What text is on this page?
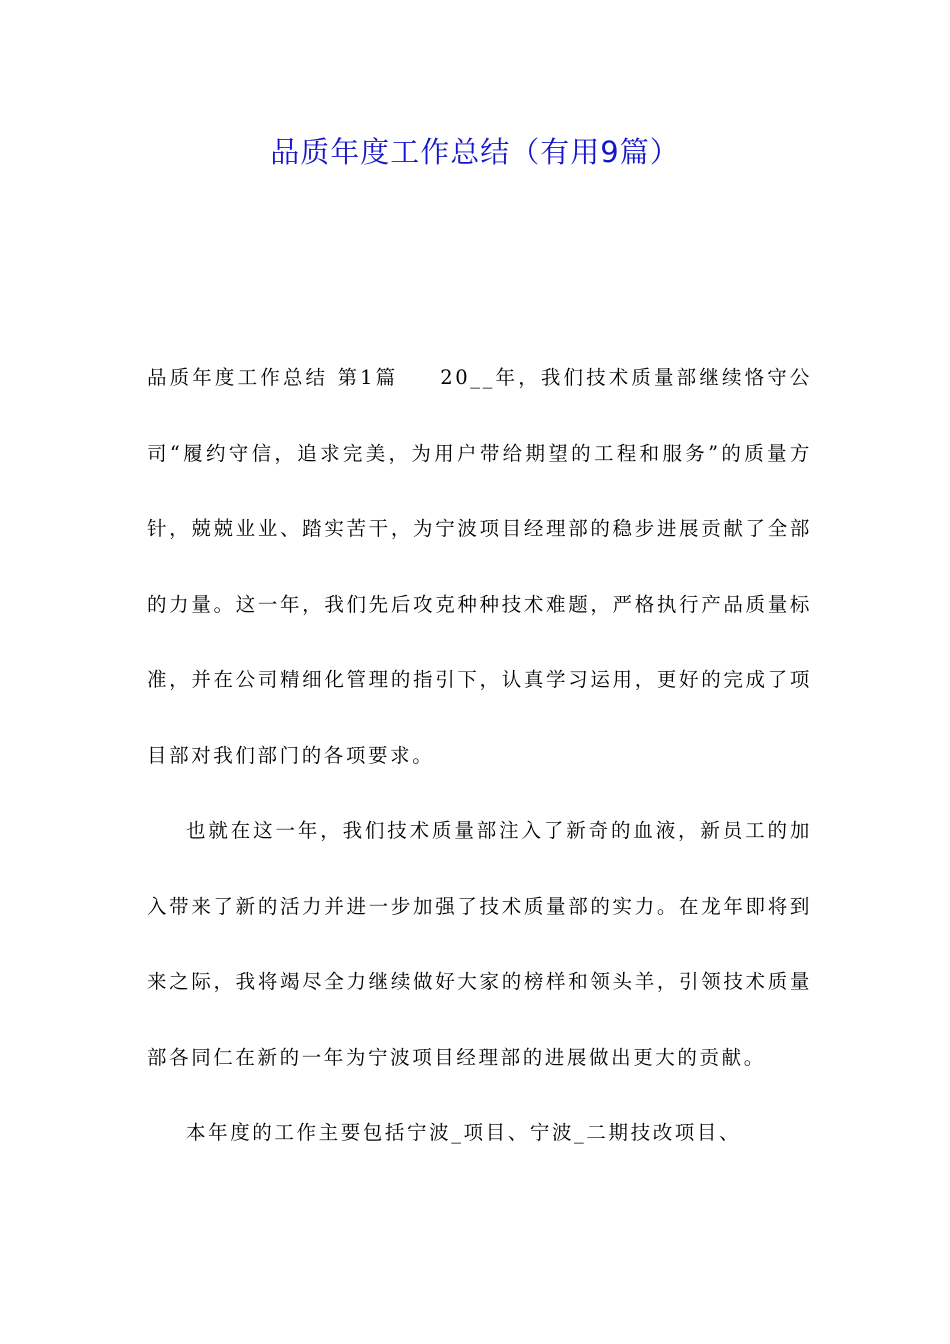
品质年度工作总结（有用9篇）

品质年度工作总结 第1篇 20__年，我们技术质量部继续恪守公司“履约守信，追求完美，为用户带给期望的工程和服务”的质量方针，兢兢业业、踏实苦干，为宁波项目经理部的稳步进展贡献了全部的力量。这一年，我们先后攻克种种技术难题，严格执行产品质量标准，并在公司精细化管理的指引下，认真学习运用，更好的完成了项目部对我们部门的各项要求。

也就在这一年，我们技术质量部注入了新奇的血液，新员工的加入带来了新的活力并进一步加强了技术质量部的实力。在龙年即将到来之际，我将竭尽全力继续做好大家的榜样和领头羊，引领技术质量部各同仁在新的一年为宁波项目经理部的进展做出更大的贡献。

本年度的工作主要包括宁波_项目、宁波_二期技改项目、
